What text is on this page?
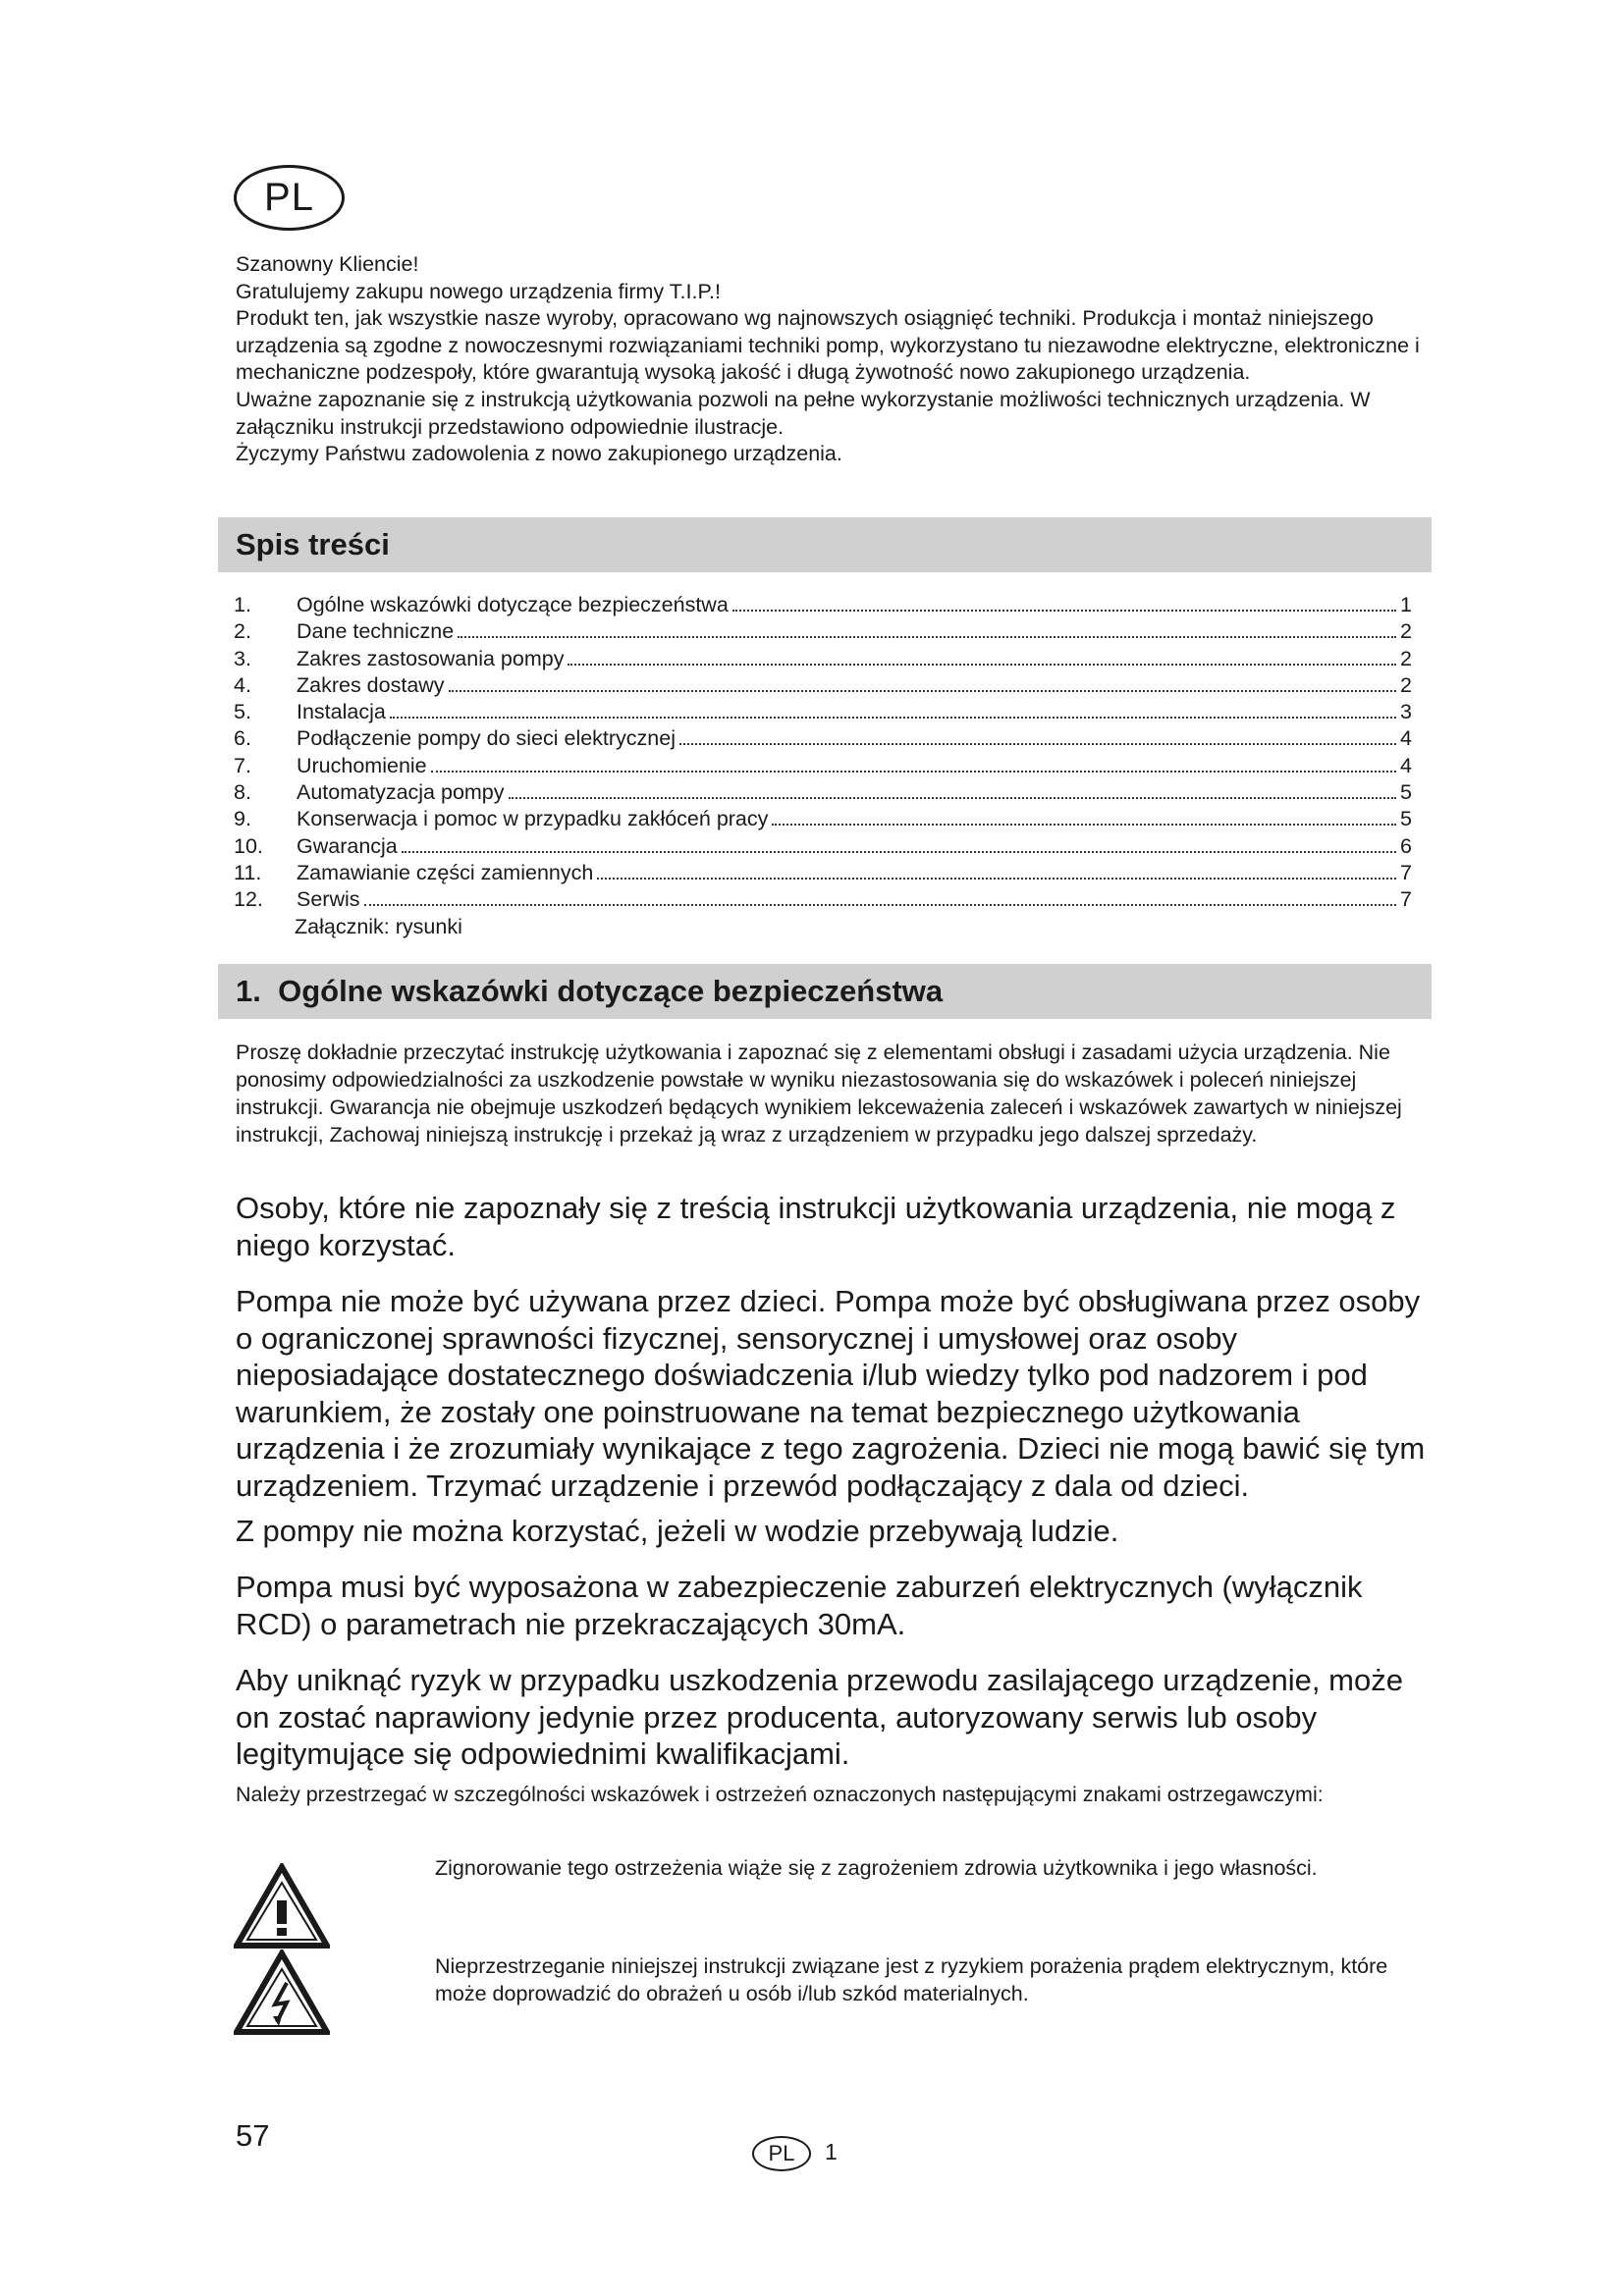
PL

Szanowny Kliencie!

Gratulujemy zakupu nowego urządzenia firmy T.I.P.!

Produkt ten, jak wszystkie nasze wyroby, opracowano wg najnowszych osiągnięć techniki. Produkcja i montaż niniejszego urządzenia są zgodne z nowoczesnymi rozwiązaniami techniki pomp, wykorzystano tu niezawodne elektryczne, elektroniczne i mechaniczne podzespoły, które gwarantują wysoką jakość i długą żywotność nowo zakupionego urządzenia.

Uważne zapoznanie się z instrukcją użytkowania pozwoli na pełne wykorzystanie możliwości technicznych urządzenia. W załączniku instrukcji przedstawiono odpowiednie ilustracje.

Życzymy Państwu zadowolenia z nowo zakupionego urządzenia.

Spis treści
1.	Ogólne wskazówki dotyczące bezpieczeństwa	1
2.	Dane techniczne	2
3.	Zakres zastosowania pompy	2
4.	Zakres dostawy	2
5.	Instalacja	3
6.	Podłączenie pompy do sieci elektrycznej	4
7.	Uruchomienie	4
8.	Automatyzacja pompy	5
9.	Konserwacja i pomoc w przypadku zakłóceń pracy	5
10.	Gwarancja	6
11.	Zamawianie części zamiennych	7
12.	Serwis	7
Załącznik: rysunki
1.  Ogólne wskazówki dotyczące bezpieczeństwa
Proszę dokładnie przeczytać instrukcję użytkowania i zapoznać się z elementami obsługi i zasadami użycia urządzenia. Nie ponosimy odpowiedzialności za uszkodzenie powstałe w wyniku niezastosowania się do wskazówek i poleceń niniejszej instrukcji. Gwarancja nie obejmuje uszkodzeń będących wynikiem lekceważenia zaleceń i wskazówek zawartych w niniejszej instrukcji, Zachowaj niniejszą instrukcję i przekaż ją wraz z urządzeniem w przypadku jego dalszej sprzedaży.
Osoby, które nie zapoznały się z treścią instrukcji użytkowania urządzenia, nie mogą z niego korzystać.
Pompa nie może być używana przez dzieci. Pompa może być obsługiwana przez osoby o ograniczonej sprawności fizycznej, sensorycznej i umysłowej oraz osoby nieposiadające dostatecznego doświadczenia i/lub wiedzy tylko pod nadzorem i pod warunkiem, że zostały one poinstruowane na temat bezpiecznego użytkowania urządzenia i że zrozumiały wynikające z tego zagrożenia. Dzieci nie mogą bawić się tym urządzeniem. Trzymać urządzenie i przewód podłączający z dala od dzieci.
Z pompy nie można korzystać, jeżeli w wodzie przebywają ludzie.
Pompa musi być wyposażona w zabezpieczenie zaburzeń elektrycznych (wyłącznik RCD) o parametrach nie przekraczających 30mA.
Aby uniknąć ryzyk w przypadku uszkodzenia przewodu zasilającego urządzenie, może on zostać naprawiony jedynie przez producenta, autoryzowany serwis lub osoby legitymujące się odpowiednimi kwalifikacjami.
Należy przestrzegać w szczególności wskazówek i ostrzeżeń oznaczonych następującymi znakami ostrzegawczymi:
Zignorowanie tego ostrzeżenia wiąże się z zagrożeniem zdrowia użytkownika i jego własności.
Nieprzestrzeganie niniejszej instrukcji związane jest z ryzykiem porażenia prądem elektrycznym, które może doprowadzić do obrażeń u osób i/lub szkód materialnych.
57
PL 1
